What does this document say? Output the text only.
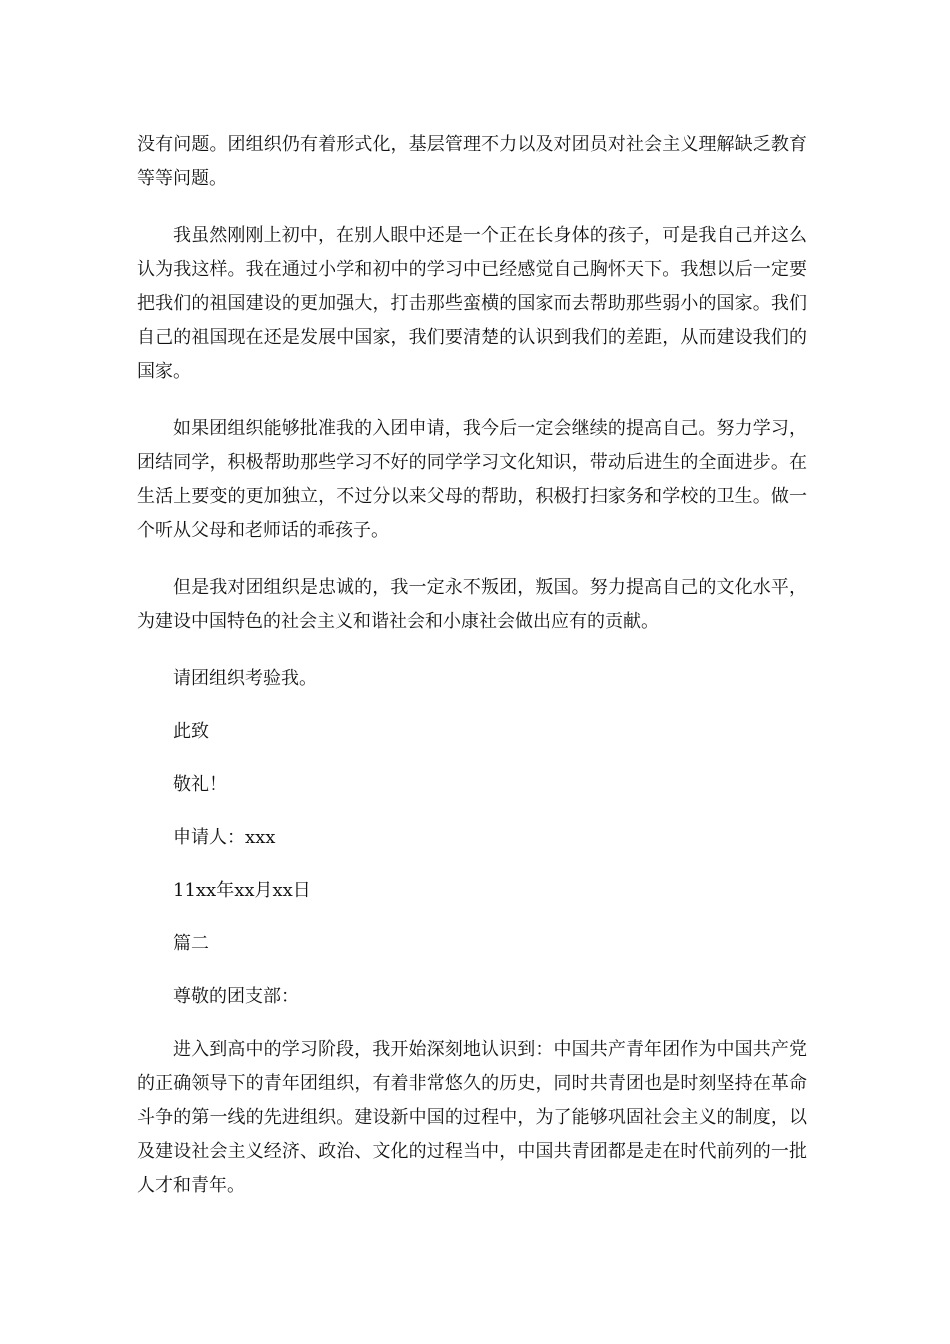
没有问题。团组织仍有着形式化，基层管理不力以及对团员对社会主义理解缺乏教育等等问题。

我虽然刚刚上初中，在别人眼中还是一个正在长身体的孩子，可是我自己并这么认为我这样。我在通过小学和初中的学习中已经感觉自己胸怀天下。我想以后一定要把我们的祖国建设的更加强大，打击那些蛮横的国家而去帮助那些弱小的国家。我们自己的祖国现在还是发展中国家，我们要清楚的认识到我们的差距，从而建设我们的国家。

如果团组织能够批准我的入团申请，我今后一定会继续的提高自己。努力学习，团结同学，积极帮助那些学习不好的同学学习文化知识，带动后进生的全面进步。在生活上要变的更加独立，不过分以来父母的帮助，积极打扫家务和学校的卫生。做一个听从父母和老师话的乖孩子。

但是我对团组织是忠诚的，我一定永不叛团，叛国。努力提高自己的文化水平，为建设中国特色的社会主义和谐社会和小康社会做出应有的贡献。

请团组织考验我。

此致

敬礼！

申请人：xxx

11xx年xx月xx日

篇二

尊敬的团支部：

进入到高中的学习阶段，我开始深刻地认识到：中国共产青年团作为中国共产党的正确领导下的青年团组织，有着非常悠久的历史，同时共青团也是时刻坚持在革命斗争的第一线的先进组织。建设新中国的过程中，为了能够巩固社会主义的制度，以及建设社会主义经济、政治、文化的过程当中，中国共青团都是走在时代前列的一批人才和青年。
